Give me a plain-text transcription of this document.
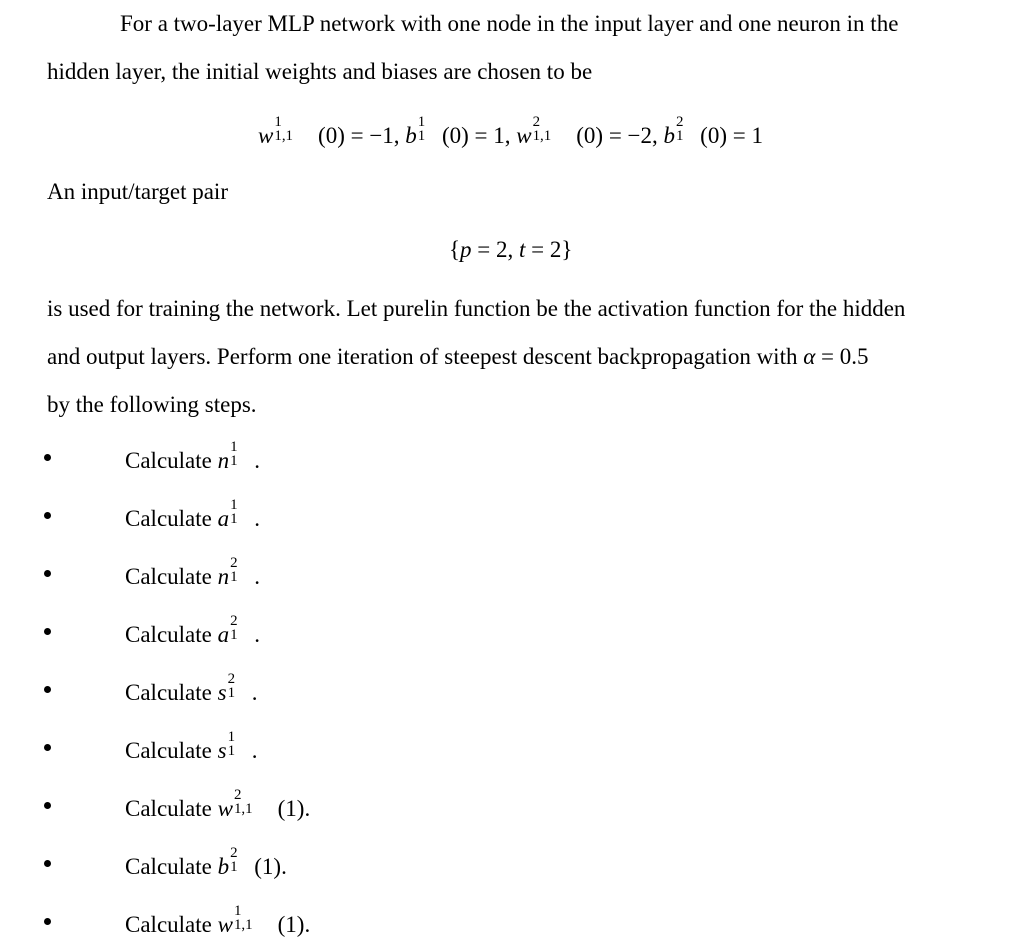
For a two-layer MLP network with one node in the input layer and one neuron in the
hidden layer, the initial weights and biases are chosen to be
w
1
1,1 (0) = −1, b
1
1 (0) = 1, w
2
1,1 (0) = −2, b
2
1 (0) = 1
An input/target pair
{p = 2, t = 2}
is used for training the network. Let purelin function be the activation function for the hidden
and output layers. Perform one iteration of steepest descent backpropagation with α = 0.5
by the following steps.
Calculate n
1
1 .
Calculate a
1
1 .
Calculate n
2
1 .
Calculate a
2
1 .
Calculate s
2
1 .
Calculate s
1
1 .
Calculate w
2
1,1 (1).
Calculate b
2
1 (1).
Calculate w
1
1,1 (1).
